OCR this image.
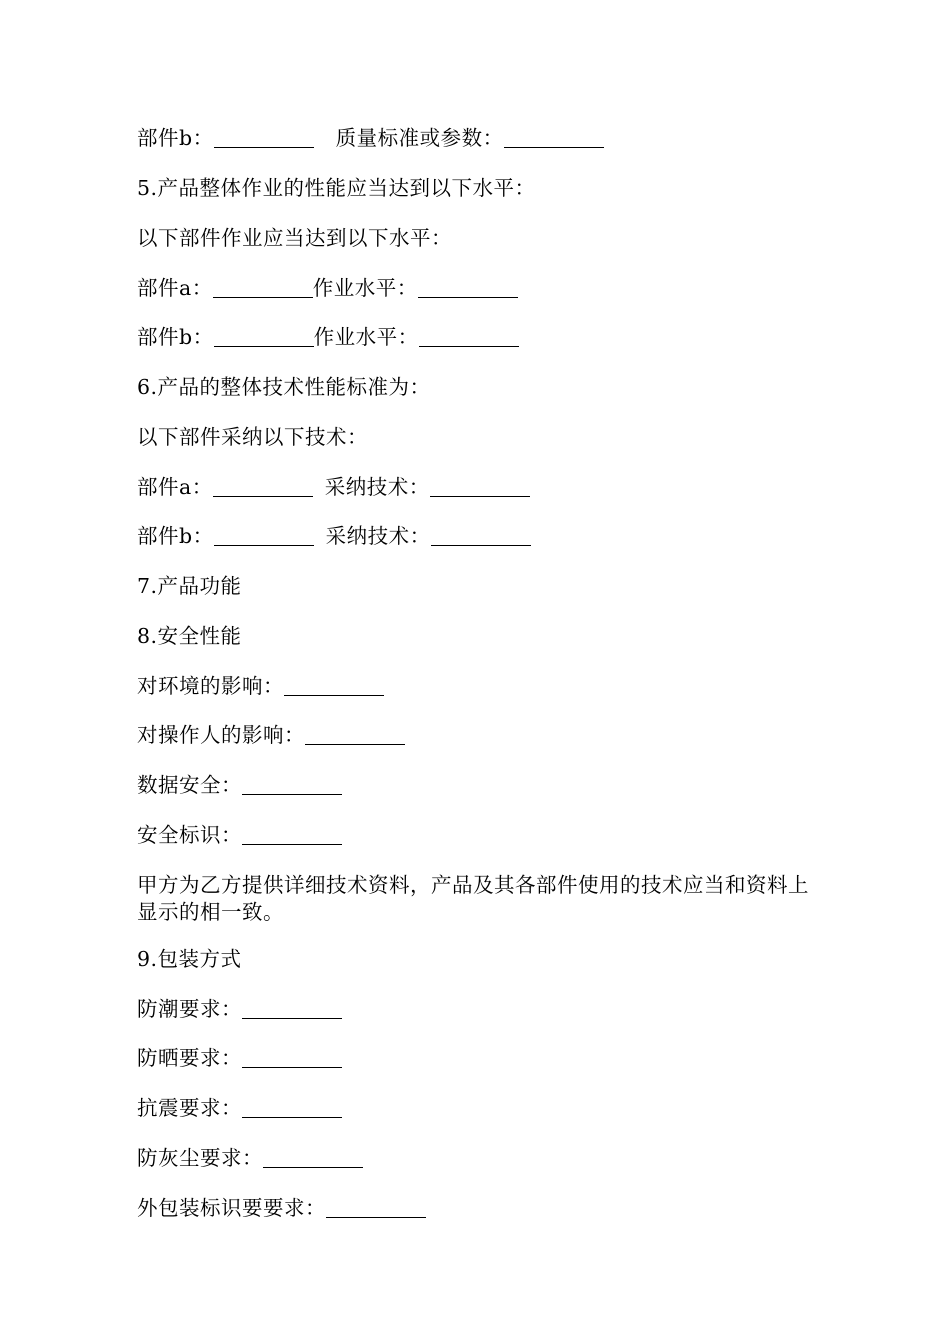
部件b：	质量标准或参数：
5.产品整体作业的性能应当达到以下水平：
以下部件作业应当达到以下水平：
部件a：	作业水平：
部件b：	作业水平：
6.产品的整体技术性能标准为：
以下部件采纳以下技术：
部件a：	采纳技术：
部件b：	采纳技术：
7.产品功能
8.安全性能
对环境的影响：
对操作人的影响：
数据安全：
安全标识：
甲方为乙方提供详细技术资料，产品及其各部件使用的技术应当和资料上显示的相一致。
9.包装方式
防潮要求：
防晒要求：
抗震要求：
防灰尘要求：
外包装标识要要求：
